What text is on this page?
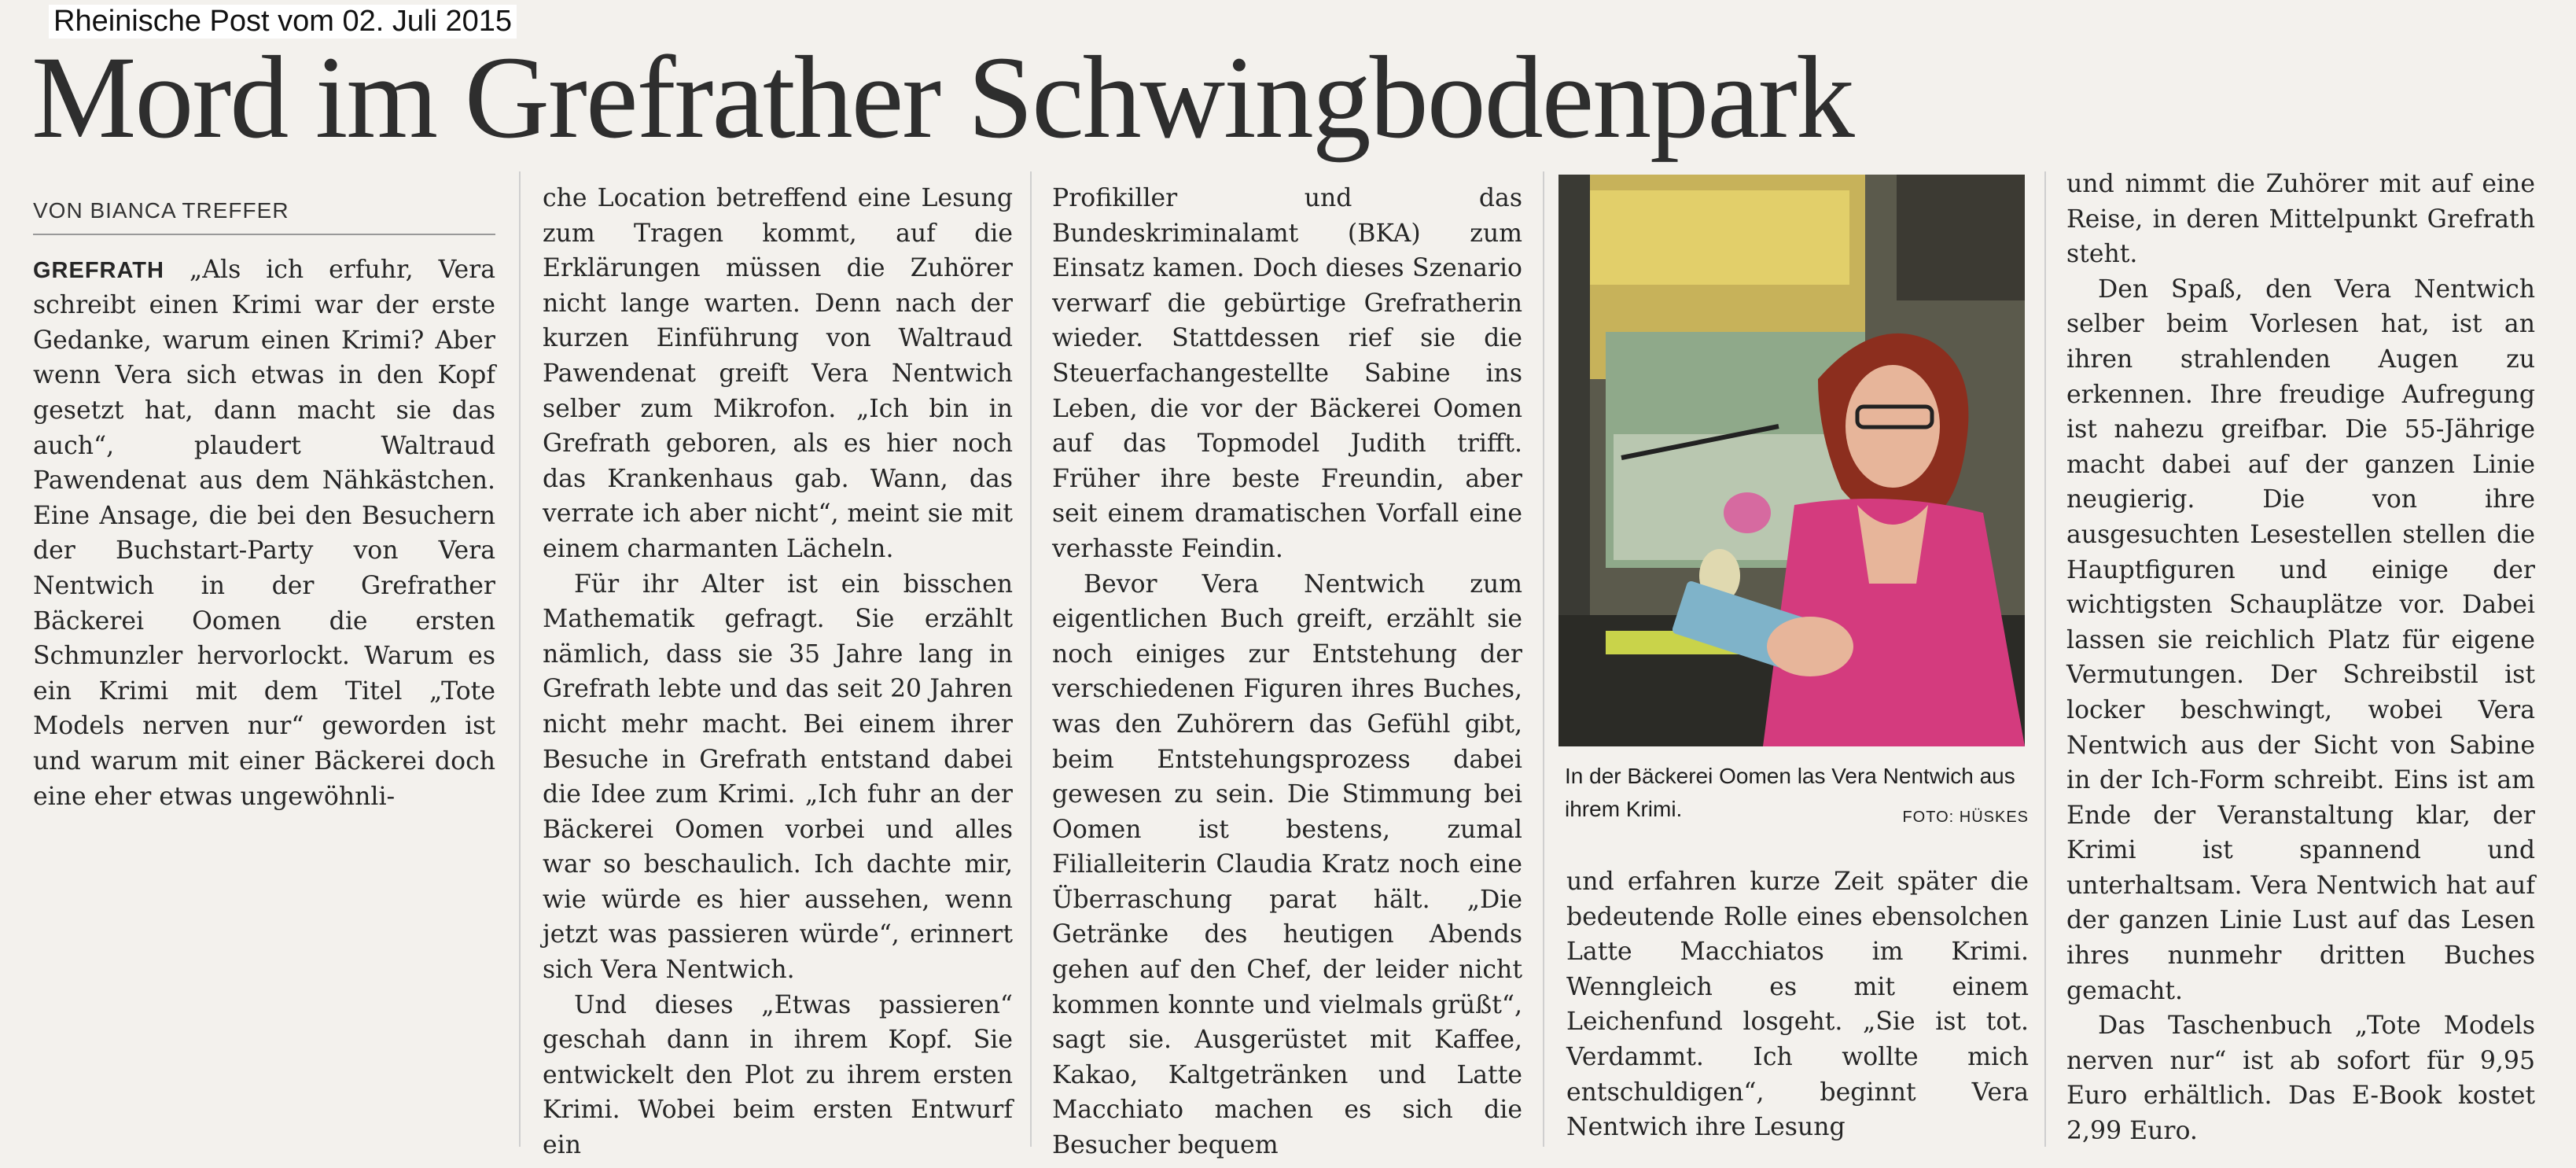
Rheinische Post vom 02. Juli 2015
Mord im Grefrather Schwingbodenpark
VON BIANCA TREFFER

GREFRATH „Als ich erfuhr, Vera schreibt einen Krimi war der erste Gedanke, warum einen Krimi? Aber wenn Vera sich etwas in den Kopf gesetzt hat, dann macht sie das auch“, plaudert Waltraud Pawendenat aus dem Nähkästchen. Eine Ansage, die bei den Besuchern der Buchstart-Party von Vera Nentwich in der Grefrather Bäckerei Oomen die ersten Schmunzler hervorlockt. Warum es ein Krimi mit dem Titel „Tote Models nerven nur“ geworden ist und warum mit einer Bäckerei doch eine eher etwas ungewöhnli-

che Location betreffend eine Lesung zum Tragen kommt, auf die Erklärungen müssen die Zuhörer nicht lange warten. Denn nach der kurzen Einführung von Waltraud Pawendenat greift Vera Nentwich selber zum Mikrofon. „Ich bin in Grefrath geboren, als es hier noch das Krankenhaus gab. Wann, das verrate ich aber nicht“, meint sie mit einem charmanten Lächeln.

Für ihr Alter ist ein bisschen Mathematik gefragt. Sie erzählt nämlich, dass sie 35 Jahre lang in Grefrath lebte und das seit 20 Jahren nicht mehr macht. Bei einem ihrer Besuche in Grefrath entstand dabei die Idee zum Krimi. „Ich fuhr an der Bäckerei Oomen vorbei und alles war so beschaulich. Ich dachte mir, wie würde es hier aussehen, wenn jetzt was passieren würde“, erinnert sich Vera Nentwich.

Und dieses „Etwas passieren“ geschah dann in ihrem Kopf. Sie entwickelt den Plot zu ihrem ersten Krimi. Wobei beim ersten Entwurf ein

Profikiller und das Bundeskriminalamt (BKA) zum Einsatz kamen. Doch dieses Szenario verwarf die gebürtige Grefratherin wieder. Stattdessen rief sie die Steuerfachangestellte Sabine ins Leben, die vor der Bäckerei Oomen auf das Topmodel Judith trifft. Früher ihre beste Freundin, aber seit einem dramatischen Vorfall eine verhasste Feindin.

Bevor Vera Nentwich zum eigentlichen Buch greift, erzählt sie noch einiges zur Entstehung der verschiedenen Figuren ihres Buches, was den Zuhörern das Gefühl gibt, beim Entstehungsprozess dabei gewesen zu sein. Die Stimmung bei Oomen ist bestens, zumal Filialleiterin Claudia Kratz noch eine Überraschung parat hält. „Die Getränke des heutigen Abends gehen auf den Chef, der leider nicht kommen konnte und vielmals grüßt“, sagt sie. Ausgerüstet mit Kaffee, Kakao, Kaltgetränken und Latte Macchiato machen es sich die Besucher bequem

In der Bäckerei Oomen las Vera Nentwich aus ihrem Krimi.	FOTO: HÜSKES

und erfahren kurze Zeit später die bedeutende Rolle eines ebensolchen Latte Macchiatos im Krimi. Wenngleich es mit einem Leichenfund losgeht. „Sie ist tot. Verdammt. Ich wollte mich entschuldigen“, beginnt Vera Nentwich ihre Lesung

und nimmt die Zuhörer mit auf eine Reise, in deren Mittelpunkt Grefrath steht.

Den Spaß, den Vera Nentwich selber beim Vorlesen hat, ist an ihren strahlenden Augen zu erkennen. Ihre freudige Aufregung ist nahezu greifbar. Die 55-Jährige macht dabei auf der ganzen Linie neugierig. Die von ihre ausgesuchten Lesestellen stellen die Hauptfiguren und einige der wichtigsten Schauplätze vor. Dabei lassen sie reichlich Platz für eigene Vermutungen. Der Schreibstil ist locker beschwingt, wobei Vera Nentwich aus der Sicht von Sabine in der Ich-Form schreibt. Eins ist am Ende der Veranstaltung klar, der Krimi ist spannend und unterhaltsam. Vera Nentwich hat auf der ganzen Linie Lust auf das Lesen ihres nunmehr dritten Buches gemacht.

Das Taschenbuch „Tote Models nerven nur“ ist ab sofort für 9,95 Euro erhältlich. Das E-Book kostet 2,99 Euro.
